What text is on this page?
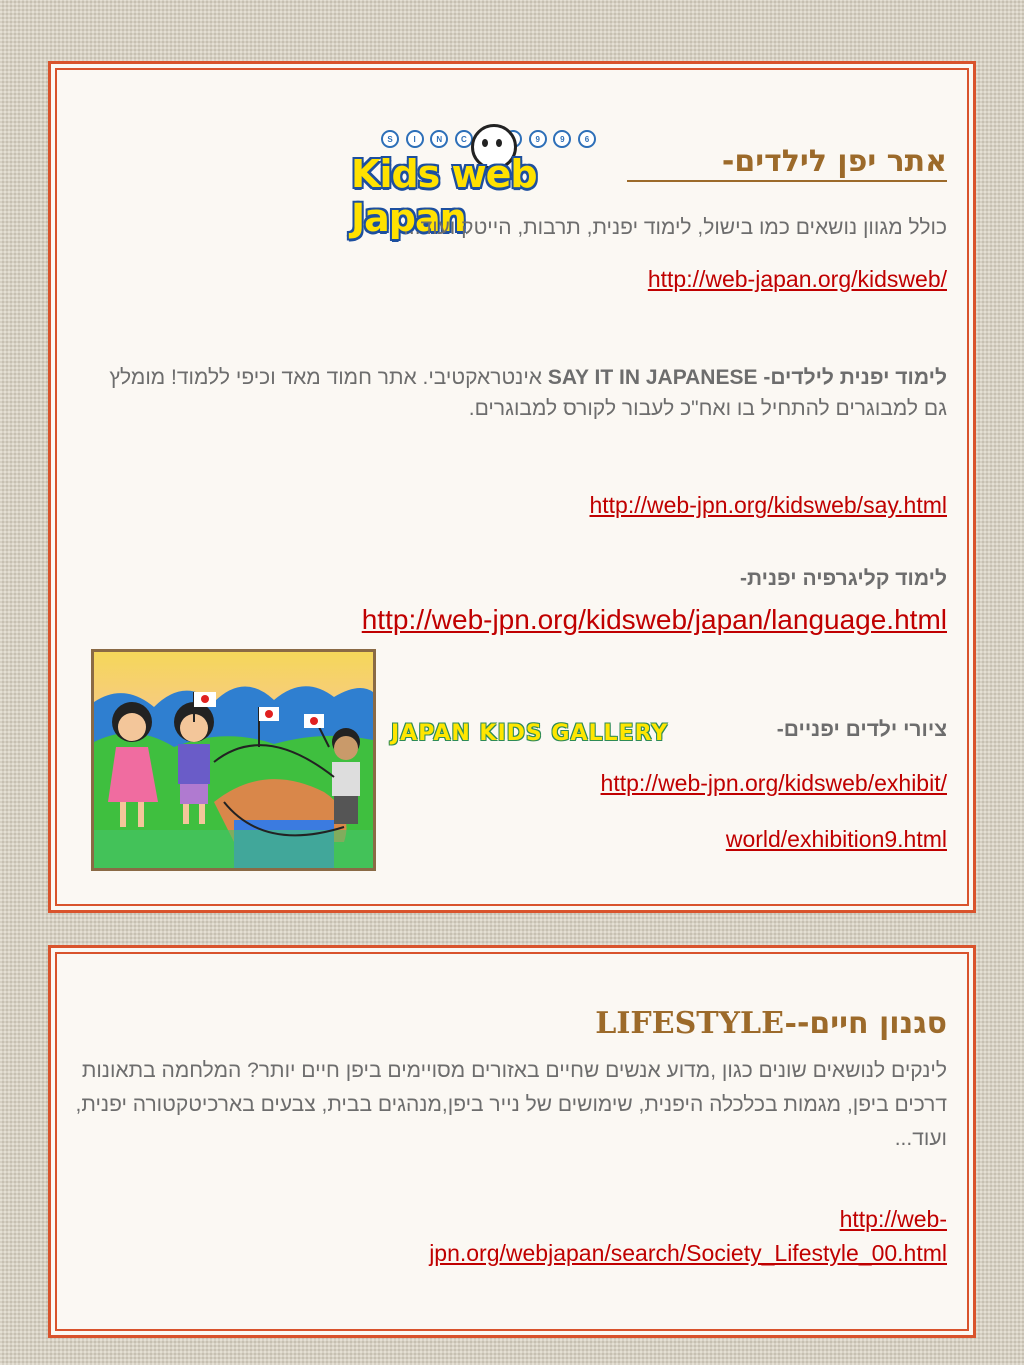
S	I	N	C	9	9	6
Kids web Japan
אתר יפן לילדים-
כולל מגוון נושאים כמו בישול, לימוד יפנית, תרבות, הייטק ועוד...
http://web-japan.org/kidsweb/
לימוד יפנית לילדים- SAY IT IN JAPANESE אינטראקטיבי. אתר חמוד מאד וכיפי ללמוד! מומלץ גם למבוגרים להתחיל בו ואח"כ לעבור לקורס למבוגרים.
http://web-jpn.org/kidsweb/say.html
לימוד קליגרפיה יפנית-
http://web-jpn.org/kidsweb/japan/language.html
ציורי ילדים יפניים-
JAPAN KIDS GALLERY
http://web-jpn.org/kidsweb/exhibit/
world/exhibition9.html
סגנון חיים- LIFESTYLE-
לינקים לנושאים שונים כגון ,מדוע אנשים שחיים באזורים מסויימים ביפן חיים יותר? המלחמה בתאונות דרכים ביפן, מגמות בכלכלה היפנית, שימושים של נייר ביפן,מנהגים בבית, צבעים בארכיטקטורה יפנית, ועוד...
http://web-
jpn.org/webjapan/search/Society_Lifestyle_00.html
